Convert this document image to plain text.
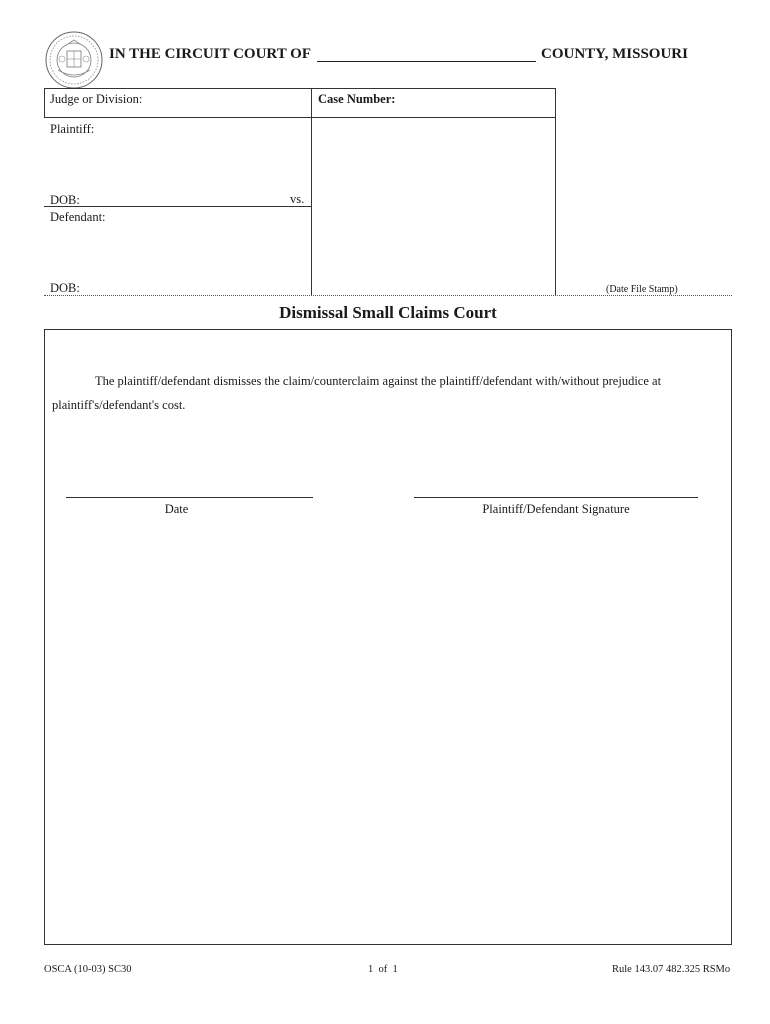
IN THE CIRCUIT COURT OF	COUNTY, MISSOURI
Judge or Division:	Case Number:
Plaintiff:
DOB:	vs.
Defendant:
DOB:	(Date File Stamp)
Dismissal Small Claims Court
The plaintiff/defendant dismisses the claim/counterclaim against the plaintiff/defendant with/without prejudice at
plaintiff's/defendant's cost.
Date	Plaintiff/Defendant Signature
OSCA (10-03) SC30	1 of 1	Rule 143.07 482.325 RSMo
